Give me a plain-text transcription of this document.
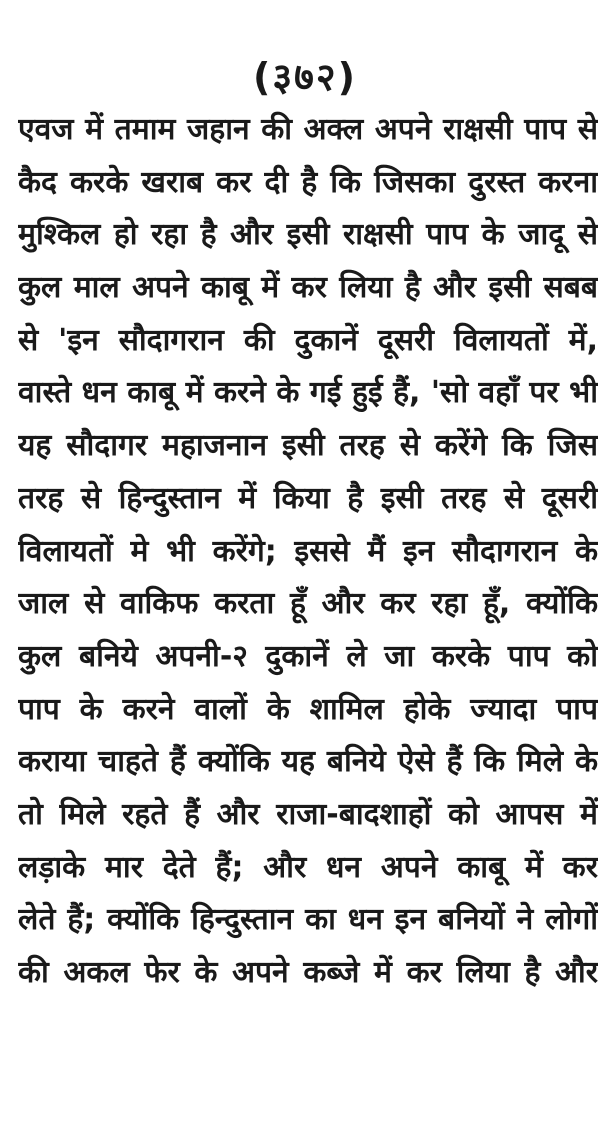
(३७२)
एवज में तमाम जहान की अक्ल अपने राक्षसी पाप से
कैद करके खराब कर दी है कि जिसका दुरस्त करना
मुश्किल हो रहा है और इसी राक्षसी पाप के जादू से
कुल माल अपने काबू में कर लिया है और इसी सबब
से 'इन सौदागरान की दुकानें दूसरी विलायतों में,
वास्ते धन काबू में करने के गई हुई हैं, 'सो वहाँ पर भी
यह सौदागर महाजनान इसी तरह से करेंगे कि जिस
तरह से हिन्दुस्तान में किया है इसी तरह से दूसरी
विलायतों मे भी करेंगे; इससे मैं इन सौदागरान के
जाल से वाकिफ करता हूँ और कर रहा हूँ, क्योंकि
कुल बनिये अपनी-२ दुकानें ले जा करके पाप को
पाप के करने वालों के शामिल होके ज्यादा पाप
कराया चाहते हैं क्योंकि यह बनिये ऐसे हैं कि मिले के
तो मिले रहते हैं और राजा-बादशाहों को आपस में
लड़ाके मार देते हैं; और धन अपने काबू में कर
लेते हैं; क्योंकि हिन्दुस्तान का धन इन बनियों ने लोगों
की अकल फेर के अपने कब्जे में कर लिया है और
